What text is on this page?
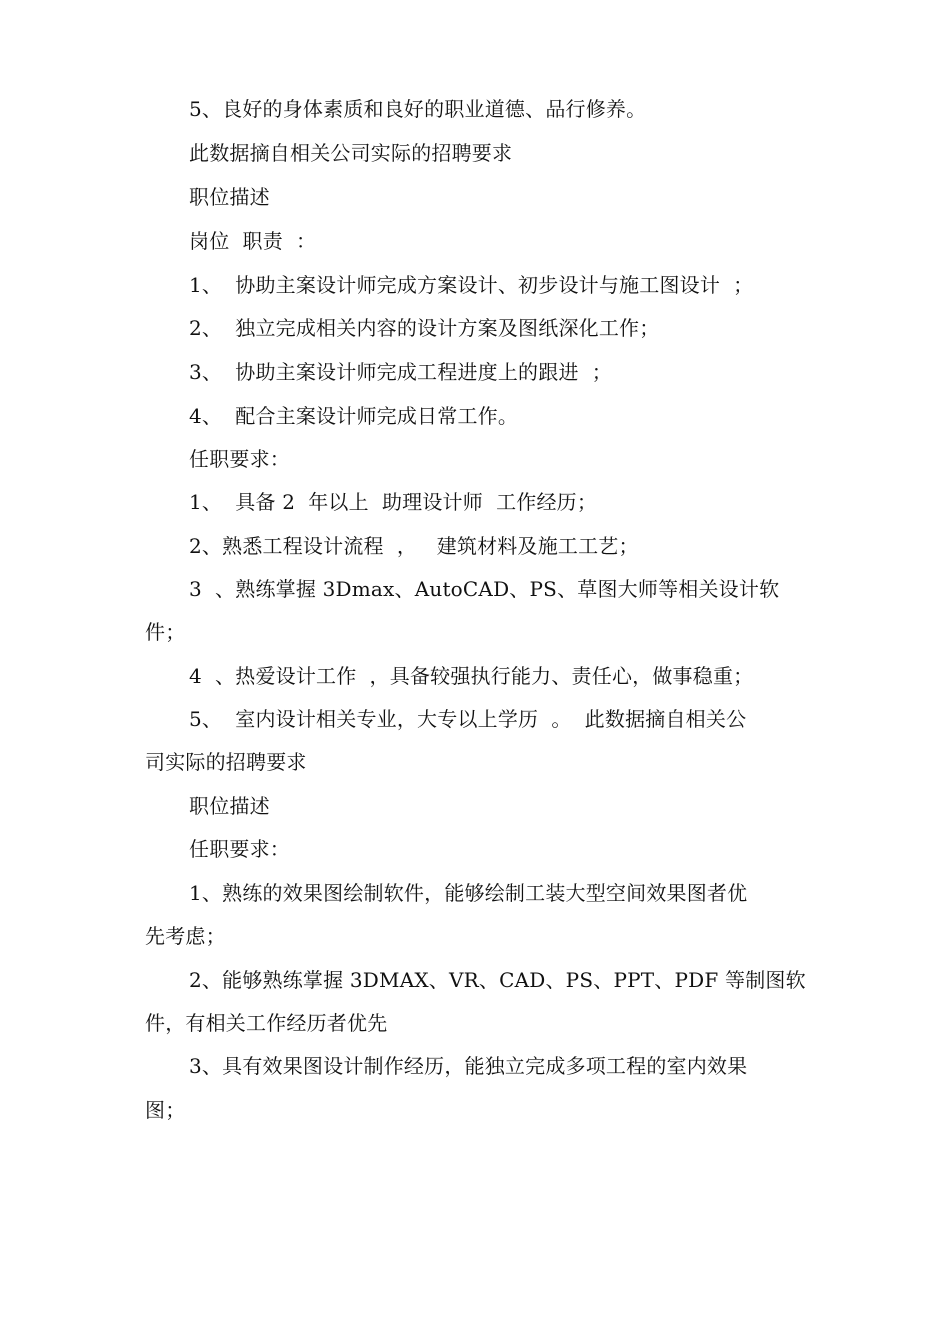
5、良好的身体素质和良好的职业道德、品行修养。
此数据摘自相关公司实际的招聘要求
职位描述
岗位  职责  ：
1、  协助主案设计师完成方案设计、初步设计与施工图设计  ；
2、  独立完成相关内容的设计方案及图纸深化工作；
3、  协助主案设计师完成工程进度上的跟进  ；
4、  配合主案设计师完成日常工作。
任职要求：
1、  具备 2  年以上  助理设计师  工作经历；
2、熟悉工程设计流程  ，   建筑材料及施工工艺；
3  、熟练掌握 3Dmax、AutoCAD、PS、草图大师等相关设计软
件；
4  、热爱设计工作  ，具备较强执行能力、责任心，做事稳重；
5、  室内设计相关专业，大专以上学历  。  此数据摘自相关公
司实际的招聘要求
职位描述
任职要求：
1、熟练的效果图绘制软件，能够绘制工装大型空间效果图者优
先考虑；
2、能够熟练掌握 3DMAX、VR、CAD、PS、PPT、PDF 等制图软
件，有相关工作经历者优先
3、具有效果图设计制作经历，能独立完成多项工程的室内效果
图；
